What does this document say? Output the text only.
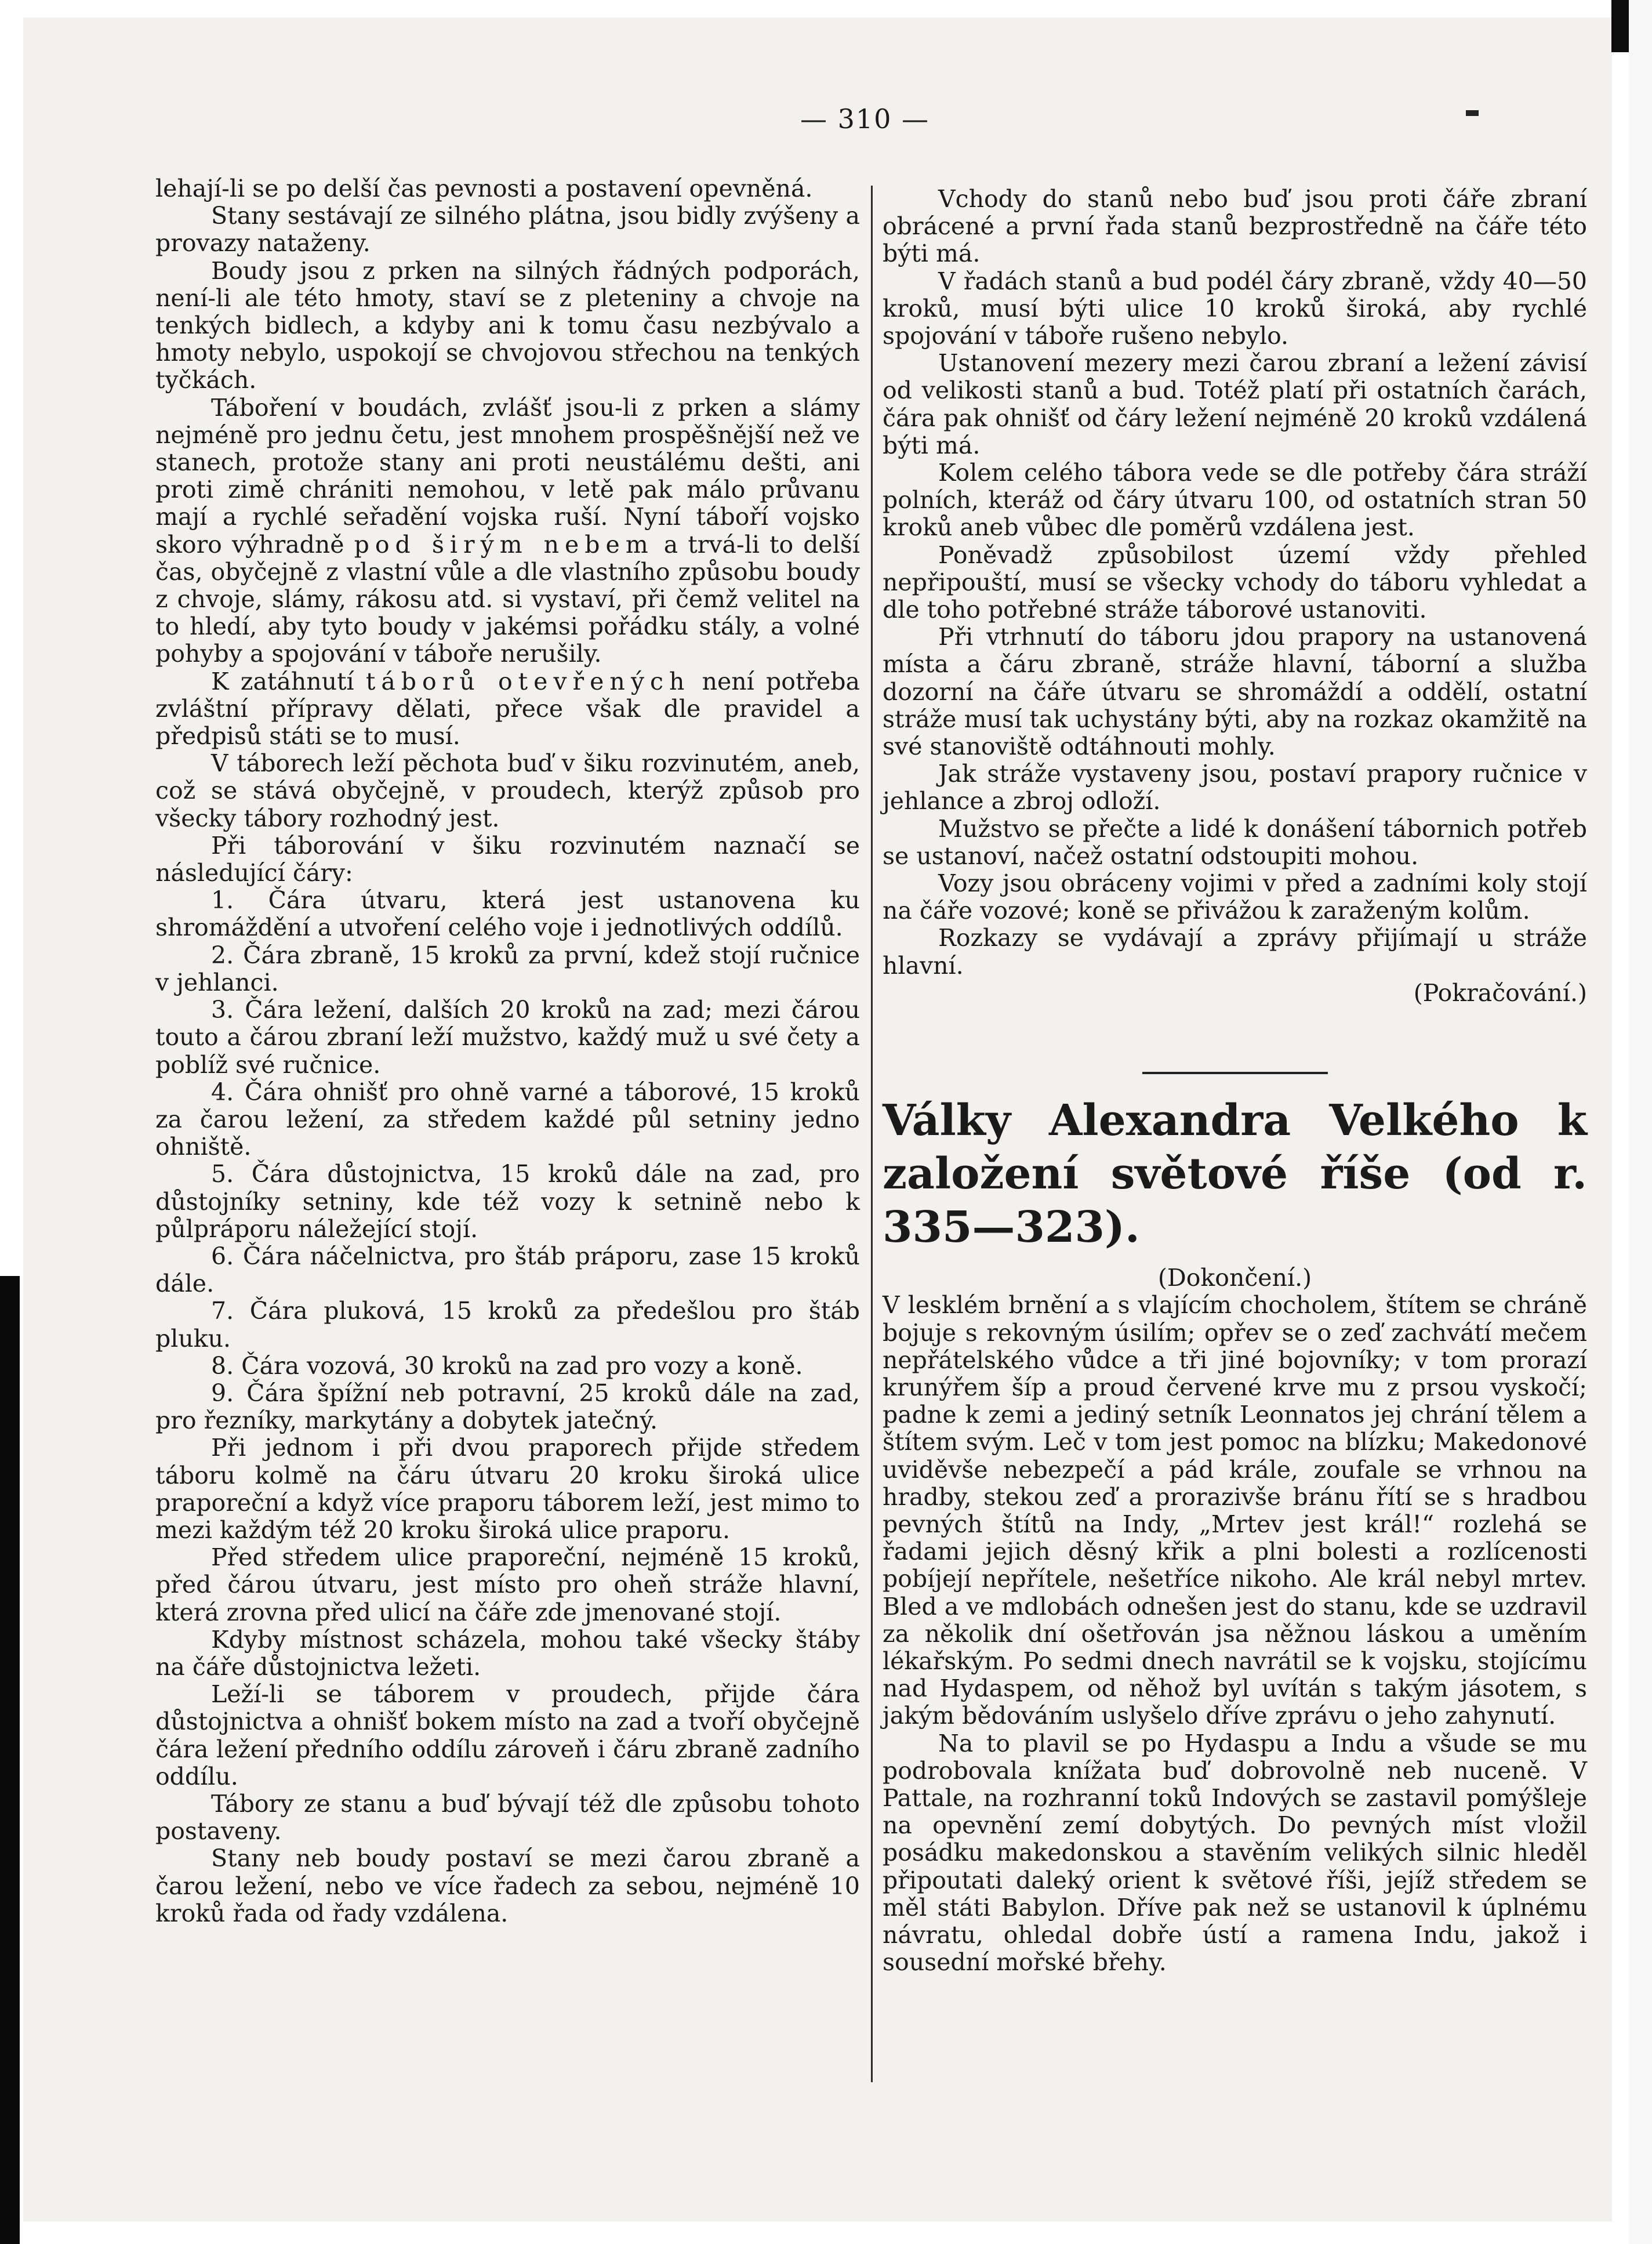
— 310 —

lehají-li se po delší čas pevnosti a postavení opevněná.

Stany sestávají ze silného plátna, jsou bidly zvýšeny a provazy nataženy.

Boudy jsou z prken na silných řádných podporách, není-li ale této hmoty, staví se z pleteniny a chvoje na tenkých bidlech, a kdyby ani k tomu času nezbývalo a hmoty nebylo, uspokojí se chvojovou střechou na tenkých tyčkách.

Táboření v boudách, zvlášť jsou-li z prken a slámy nejméně pro jednu četu, jest mnohem prospěšnější než ve stanech, protože stany ani proti neustálému dešti, ani proti zimě chrániti nemohou, v letě pak málo průvanu mají a rychlé seřadění vojska ruší. Nyní táboří vojsko skoro výhradně pod širým nebem a trvá-li to delší čas, obyčejně z vlastní vůle a dle vlastního způsobu boudy z chvoje, slámy, rákosu atd. si vystaví, při čemž velitel na to hledí, aby tyto boudy v jakémsi pořádku stály, a volné pohyby a spojování v táboře nerušily.

K zatáhnutí táborů otevřených není potřeba zvláštní přípravy dělati, přece však dle pravidel a předpisů státi se to musí.

V táborech leží pěchota buď v šiku rozvinutém, aneb, což se stává obyčejně, v proudech, kterýž způsob pro všecky tábory rozhodný jest.

Při táborování v šiku rozvinutém naznačí se následující čáry:

1. Čára útvaru, která jest ustanovena ku shromáždění a utvoření celého voje i jednotlivých oddílů.

2. Čára zbraně, 15 kroků za první, kdež stojí ručnice v jehlanci.

3. Čára ležení, dalších 20 kroků na zad; mezi čárou touto a čárou zbraní leží mužstvo, každý muž u své čety a poblíž své ručnice.

4. Čára ohnišť pro ohně varné a táborové, 15 kroků za čarou ležení, za středem každé půl setniny jedno ohniště.

5. Čára důstojnictva, 15 kroků dále na zad, pro důstojníky setniny, kde též vozy k setnině nebo k půlpráporu náležející stojí.

6. Čára náčelnictva, pro štáb práporu, zase 15 kroků dále.

7. Čára pluková, 15 kroků za předešlou pro štáb pluku.

8. Čára vozová, 30 kroků na zad pro vozy a koně.

9. Čára špížní neb potravní, 25 kroků dále na zad, pro řezníky, markytány a dobytek jatečný.

Při jednom i při dvou praporech přijde středem táboru kolmě na čáru útvaru 20 kroku široká ulice praporeční a když více praporu táborem leží, jest mimo to mezi každým též 20 kroku široká ulice praporu.

Před středem ulice praporeční, nejméně 15 kroků, před čárou útvaru, jest místo pro oheň stráže hlavní, která zrovna před ulicí na čáře zde jmenované stojí.

Kdyby místnost scházela, mohou také všecky štáby na čáře důstojnictva ležeti.

Leží-li se táborem v proudech, přijde čára důstojnictva a ohnišť bokem místo na zad a tvoří obyčejně čára ležení předního oddílu zároveň i čáru zbraně zadního oddílu.

Tábory ze stanu a buď bývají též dle způsobu tohoto postaveny.

Stany neb boudy postaví se mezi čarou zbraně a čarou ležení, nebo ve více řadech za sebou, nejméně 10 kroků řada od řady vzdálena.

Vchody do stanů nebo buď jsou proti čáře zbraní obrácené a první řada stanů bezprostředně na čáře této býti má.

V řadách stanů a bud podél čáry zbraně, vždy 40—50 kroků, musí býti ulice 10 kroků široká, aby rychlé spojování v táboře rušeno nebylo.

Ustanovení mezery mezi čarou zbraní a ležení závisí od velikosti stanů a bud. Totéž platí při ostatních čarách, čára pak ohnišť od čáry ležení nejméně 20 kroků vzdálená býti má.

Kolem celého tábora vede se dle potřeby čára stráží polních, kteráž od čáry útvaru 100, od ostatních stran 50 kroků aneb vůbec dle poměrů vzdálena jest.

Poněvadž způsobilost území vždy přehled nepřipouští, musí se všecky vchody do táboru vyhledat a dle toho potřebné stráže táborové ustanoviti.

Při vtrhnutí do táboru jdou prapory na ustanovená místa a čáru zbraně, stráže hlavní, táborní a služba dozorní na čáře útvaru se shromáždí a oddělí, ostatní stráže musí tak uchystány býti, aby na rozkaz okamžitě na své stanoviště odtáhnouti mohly.

Jak stráže vystaveny jsou, postaví prapory ručnice v jehlance a zbroj odloží.

Mužstvo se přečte a lidé k donášení tábornich potřeb se ustanoví, načež ostatní odstoupiti mohou.

Vozy jsou obráceny vojimi v před a zadními koly stojí na čáře vozové; koně se přivážou k zaraženým kolům.

Rozkazy se vydávají a zprávy přijímají u stráže hlavní.

(Pokračování.)

Války Alexandra Velkého k založení světové říše (od r. 335—323).

(Dokončení.)

V lesklém brnění a s vlajícím chocholem, štítem se chráně bojuje s rekovným úsilím; opřev se o zeď zachvátí mečem nepřátelského vůdce a tři jiné bojovníky; v tom prorazí krunýřem šíp a proud červené krve mu z prsou vyskočí; padne k zemi a jediný setník Leonnatos jej chrání tělem a štítem svým. Leč v tom jest pomoc na blízku; Makedonové uviděvše nebezpečí a pád krále, zoufale se vrhnou na hradby, stekou zeď a prorazivše bránu řítí se s hradbou pevných štítů na Indy, „Mrtev jest král!“ rozlehá se řadami jejich děsný křik a plni bolesti a rozlícenosti pobíjejí nepřítele, nešetříce nikoho. Ale král nebyl mrtev. Bled a ve mdlobách odnešen jest do stanu, kde se uzdravil za několik dní ošetřován jsa něžnou láskou a uměním lékařským. Po sedmi dnech navrátil se k vojsku, stojícímu nad Hydaspem, od něhož byl uvítán s takým jásotem, s jakým bědováním uslyšelo dříve zprávu o jeho zahynutí.

Na to plavil se po Hydaspu a Indu a všude se mu podrobovala knížata buď dobrovolně neb nuceně. V Pattale, na rozhranní toků Indových se zastavil pomýšleje na opevnění zemí dobytých. Do pevných míst vložil posádku makedonskou a stavěním velikých silnic hleděl připoutati daleký orient k světové říši, jejíž středem se měl státi Babylon. Dříve pak než se ustanovil k úplnému návratu, ohledal dobře ústí a ramena Indu, jakož i sousední mořské břehy.
